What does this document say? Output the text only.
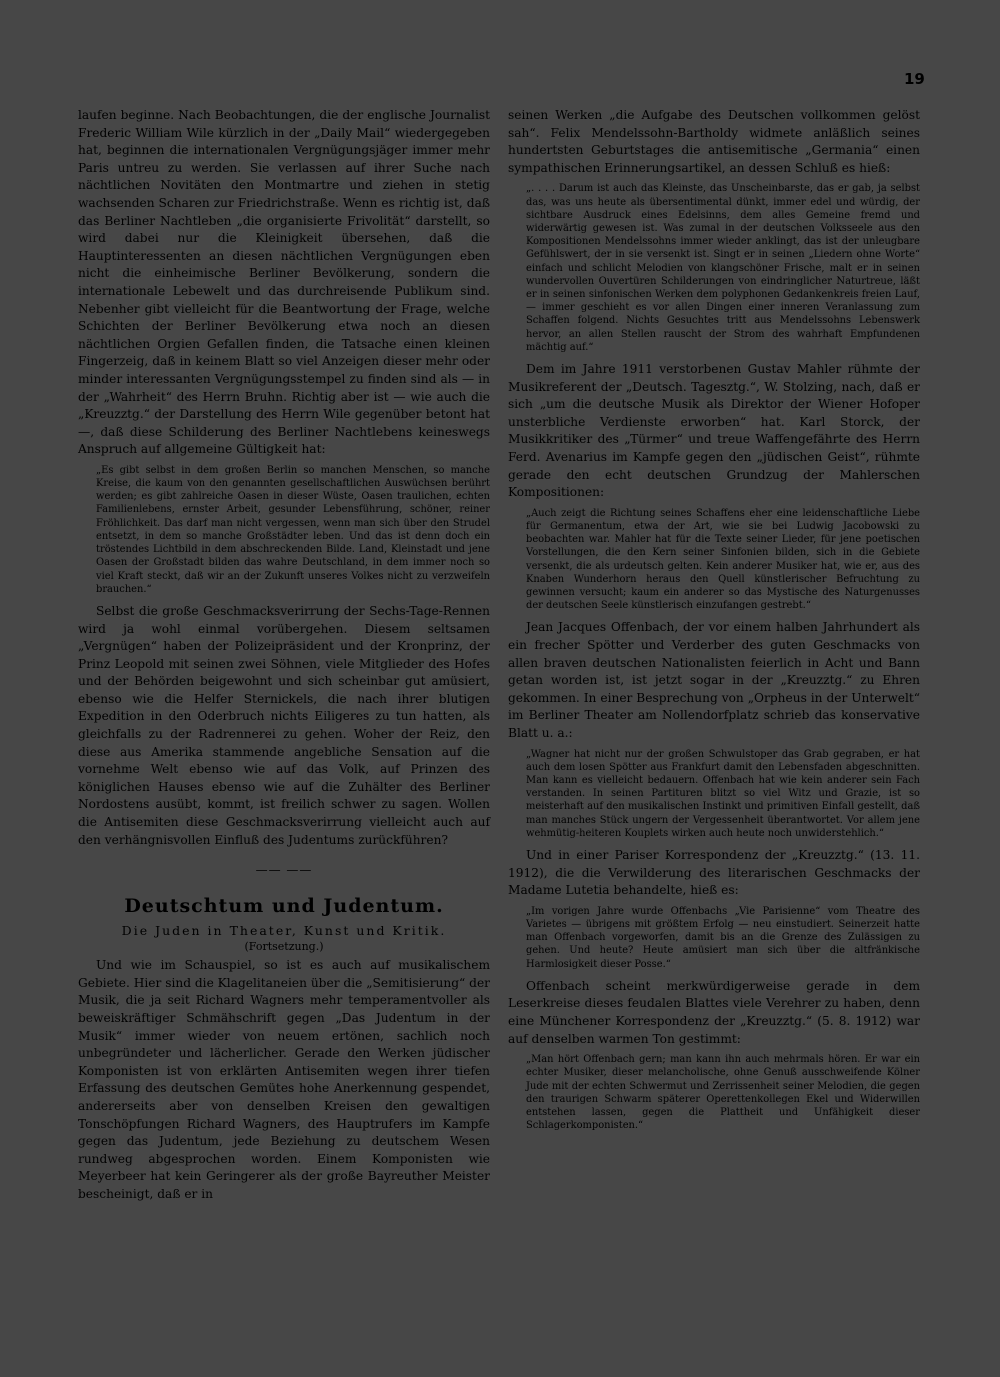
19

laufen beginne. Nach Beobachtungen, die der englische Journalist Frederic William Wile kürzlich in der „Daily Mail“ wiedergegeben hat, beginnen die internationalen Vergnügungsjäger immer mehr Paris untreu zu werden. Sie verlassen auf ihrer Suche nach nächtlichen Novitäten den Montmartre und ziehen in stetig wachsenden Scharen zur Friedrichstraße. Wenn es richtig ist, daß das Berliner Nachtleben „die organisierte Frivolität“ darstellt, so wird dabei nur die Kleinigkeit übersehen, daß die Hauptinteressenten an diesen nächtlichen Vergnügungen eben nicht die einheimische Berliner Bevölkerung, sondern die internationale Lebewelt und das durchreisende Publikum sind. Nebenher gibt vielleicht für die Beantwortung der Frage, welche Schichten der Berliner Bevölkerung etwa noch an diesen nächtlichen Orgien Gefallen finden, die Tatsache einen kleinen Fingerzeig, daß in keinem Blatt so viel Anzeigen dieser mehr oder minder interessanten Vergnügungsstempel zu finden sind als — in der „Wahrheit“ des Herrn Bruhn. Richtig aber ist — wie auch die „Kreuzztg.“ der Darstellung des Herrn Wile gegenüber betont hat —, daß diese Schilderung des Berliner Nachtlebens keineswegs Anspruch auf allgemeine Gültigkeit hat:

„Es gibt selbst in dem großen Berlin so manchen Menschen, so manche Kreise, die kaum von den genannten gesellschaftlichen Auswüchsen berührt werden; es gibt zahlreiche Oasen in dieser Wüste, Oasen traulichen, echten Familienlebens, ernster Arbeit, gesunder Lebensführung, schöner, reiner Fröhlichkeit. Das darf man nicht vergessen, wenn man sich über den Strudel entsetzt, in dem so manche Großstädter leben. Und das ist denn doch ein tröstendes Lichtbild in dem abschreckenden Bilde. Land, Kleinstadt und jene Oasen der Großstadt bilden das wahre Deutschland, in dem immer noch so viel Kraft steckt, daß wir an der Zukunft unseres Volkes nicht zu verzweifeln brauchen.“

Selbst die große Geschmacksverirrung der Sechs-Tage-Rennen wird ja wohl einmal vorübergehen. Diesem seltsamen „Vergnügen“ haben der Polizeipräsident und der Kronprinz, der Prinz Leopold mit seinen zwei Söhnen, viele Mitglieder des Hofes und der Behörden beigewohnt und sich scheinbar gut amüsiert, ebenso wie die Helfer Sternickels, die nach ihrer blutigen Expedition in den Oderbruch nichts Eiligeres zu tun hatten, als gleichfalls zu der Radrennerei zu gehen. Woher der Reiz, den diese aus Amerika stammende angebliche Sensation auf die vornehme Welt ebenso wie auf das Volk, auf Prinzen des königlichen Hauses ebenso wie auf die Zuhälter des Berliner Nordostens ausübt, kommt, ist freilich schwer zu sagen. Wollen die Antisemiten diese Geschmacksverirrung vielleicht auch auf den verhängnisvollen Einfluß des Judentums zurückführen?

—— ——
Deutschtum und Judentum.
Die Juden in Theater, Kunst und Kritik.
(Fortsetzung.)

Und wie im Schauspiel, so ist es auch auf musikalischem Gebiete. Hier sind die Klagelitaneien über die „Semitisierung“ der Musik, die ja seit Richard Wagners mehr temperamentvoller als beweiskräftiger Schmähschrift gegen „Das Judentum in der Musik“ immer wieder von neuem ertönen, sachlich noch unbegründeter und lächerlicher. Gerade den Werken jüdischer Komponisten ist von erklärten Antisemiten wegen ihrer tiefen Erfassung des deutschen Gemütes hohe Anerkennung gespendet, andererseits aber von denselben Kreisen den gewaltigen Tonschöpfungen Richard Wagners, des Hauptrufers im Kampfe gegen das Judentum, jede Beziehung zu deutschem Wesen rundweg abgesprochen worden. Einem Komponisten wie Meyerbeer hat kein Geringerer als der große Bayreuther Meister bescheinigt, daß er in

seinen Werken „die Aufgabe des Deutschen vollkommen gelöst sah“. Felix Mendelssohn-Bartholdy widmete anläßlich seines hundertsten Geburtstages die antisemitische „Germania“ einen sympathischen Erinnerungsartikel, an dessen Schluß es hieß:

„. . . . Darum ist auch das Kleinste, das Unscheinbarste, das er gab, ja selbst das, was uns heute als übersentimental dünkt, immer edel und würdig, der sichtbare Ausdruck eines Edelsinns, dem alles Gemeine fremd und widerwärtig gewesen ist. Was zumal in der deutschen Volksseele aus den Kompositionen Mendelssohns immer wieder anklingt, das ist der unleugbare Gefühlswert, der in sie versenkt ist. Singt er in seinen „Liedern ohne Worte“ einfach und schlicht Melodien von klangschöner Frische, malt er in seinen wundervollen Ouvertüren Schilderungen von eindringlicher Naturtreue, läßt er in seinen sinfonischen Werken dem polyphonen Gedankenkreis freien Lauf, — immer geschieht es vor allen Dingen einer inneren Veranlassung zum Schaffen folgend. Nichts Gesuchtes tritt aus Mendelssohns Lebenswerk hervor, an allen Stellen rauscht der Strom des wahrhaft Empfundenen mächtig auf.“

Dem im Jahre 1911 verstorbenen Gustav Mahler rühmte der Musikreferent der „Deutsch. Tagesztg.“, W. Stolzing, nach, daß er sich „um die deutsche Musik als Direktor der Wiener Hofoper unsterbliche Verdienste erworben“ hat. Karl Storck, der Musikkritiker des „Türmer“ und treue Waffengefährte des Herrn Ferd. Avenarius im Kampfe gegen den „jüdischen Geist“, rühmte gerade den echt deutschen Grundzug der Mahlerschen Kompositionen:

„Auch zeigt die Richtung seines Schaffens eher eine leidenschaftliche Liebe für Germanentum, etwa der Art, wie sie bei Ludwig Jacobowski zu beobachten war. Mahler hat für die Texte seiner Lieder, für jene poetischen Vorstellungen, die den Kern seiner Sinfonien bilden, sich in die Gebiete versenkt, die als urdeutsch gelten. Kein anderer Musiker hat, wie er, aus des Knaben Wunderhorn heraus den Quell künstlerischer Befruchtung zu gewinnen versucht; kaum ein anderer so das Mystische des Naturgenusses der deutschen Seele künstlerisch einzufangen gestrebt.“

Jean Jacques Offenbach, der vor einem halben Jahrhundert als ein frecher Spötter und Verderber des guten Geschmacks von allen braven deutschen Nationalisten feierlich in Acht und Bann getan worden ist, ist jetzt sogar in der „Kreuzztg.“ zu Ehren gekommen. In einer Besprechung von „Orpheus in der Unterwelt“ im Berliner Theater am Nollendorfplatz schrieb das konservative Blatt u. a.:

„Wagner hat nicht nur der großen Schwulstoper das Grab gegraben, er hat auch dem losen Spötter aus Frankfurt damit den Lebensfaden abgeschnitten. Man kann es vielleicht bedauern. Offenbach hat wie kein anderer sein Fach verstanden. In seinen Partituren blitzt so viel Witz und Grazie, ist so meisterhaft auf den musikalischen Instinkt und primitiven Einfall gestellt, daß man manches Stück ungern der Vergessenheit überantwortet. Vor allem jene wehmütig-heiteren Kouplets wirken auch heute noch unwiderstehlich.“

Und in einer Pariser Korrespondenz der „Kreuzztg.“ (13. 11. 1912), die die Verwilderung des literarischen Geschmacks der Madame Lutetia behandelte, hieß es:

„Im vorigen Jahre wurde Offenbachs „Vie Parisienne“ vom Theatre des Varietes — übrigens mit größtem Erfolg — neu einstudiert. Seinerzeit hatte man Offenbach vorgeworfen, damit bis an die Grenze des Zulässigen zu gehen. Und heute? Heute amüsiert man sich über die altfränkische Harmlosigkeit dieser Posse.“

Offenbach scheint merkwürdigerweise gerade in dem Leserkreise dieses feudalen Blattes viele Verehrer zu haben, denn eine Münchener Korrespondenz der „Kreuzztg.“ (5. 8. 1912) war auf denselben warmen Ton gestimmt:

„Man hört Offenbach gern; man kann ihn auch mehrmals hören. Er war ein echter Musiker, dieser melancholische, ohne Genuß ausschweifende Kölner Jude mit der echten Schwermut und Zerrissenheit seiner Melodien, die gegen den traurigen Schwarm späterer Operettenkollegen Ekel und Widerwillen entstehen lassen, gegen die Plattheit und Unfähigkeit dieser Schlagerkomponisten.“
